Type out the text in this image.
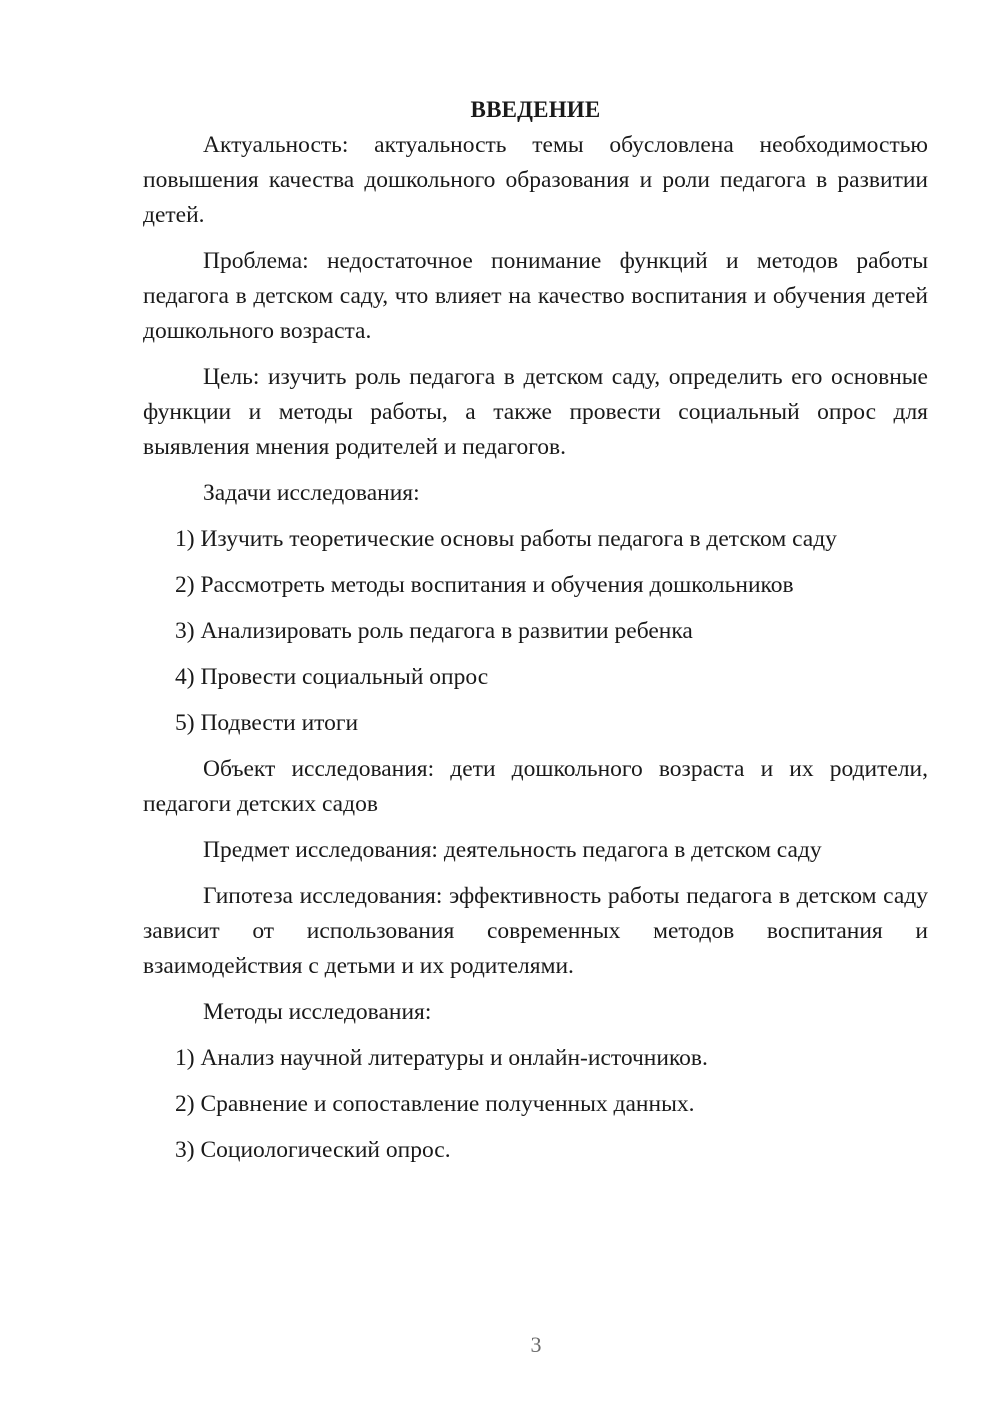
ВВЕДЕНИЕ

Актуальность: актуальность темы обусловлена необходимостью повышения качества дошкольного образования и роли педагога в развитии детей.

Проблема: недостаточное понимание функций и методов работы педагога в детском саду, что влияет на качество воспитания и обучения детей дошкольного возраста.

Цель: изучить роль педагога в детском саду, определить его основные функции и методы работы, а также провести социальный опрос для выявления мнения родителей и педагогов.

Задачи исследования:

1) Изучить теоретические основы работы педагога в детском саду

2) Рассмотреть методы воспитания и обучения дошкольников

3) Анализировать роль педагога в развитии ребенка

4) Провести социальный опрос

5) Подвести итоги

Объект исследования: дети дошкольного возраста и их родители, педагоги детских садов

Предмет исследования: деятельность педагога в детском саду

Гипотеза исследования: эффективность работы педагога в детском саду зависит от использования современных методов воспитания и взаимодействия с детьми и их родителями.

Методы исследования:

1) Анализ научной литературы и онлайн-источников.

2) Сравнение и сопоставление полученных данных.

3) Социологический опрос.

3
